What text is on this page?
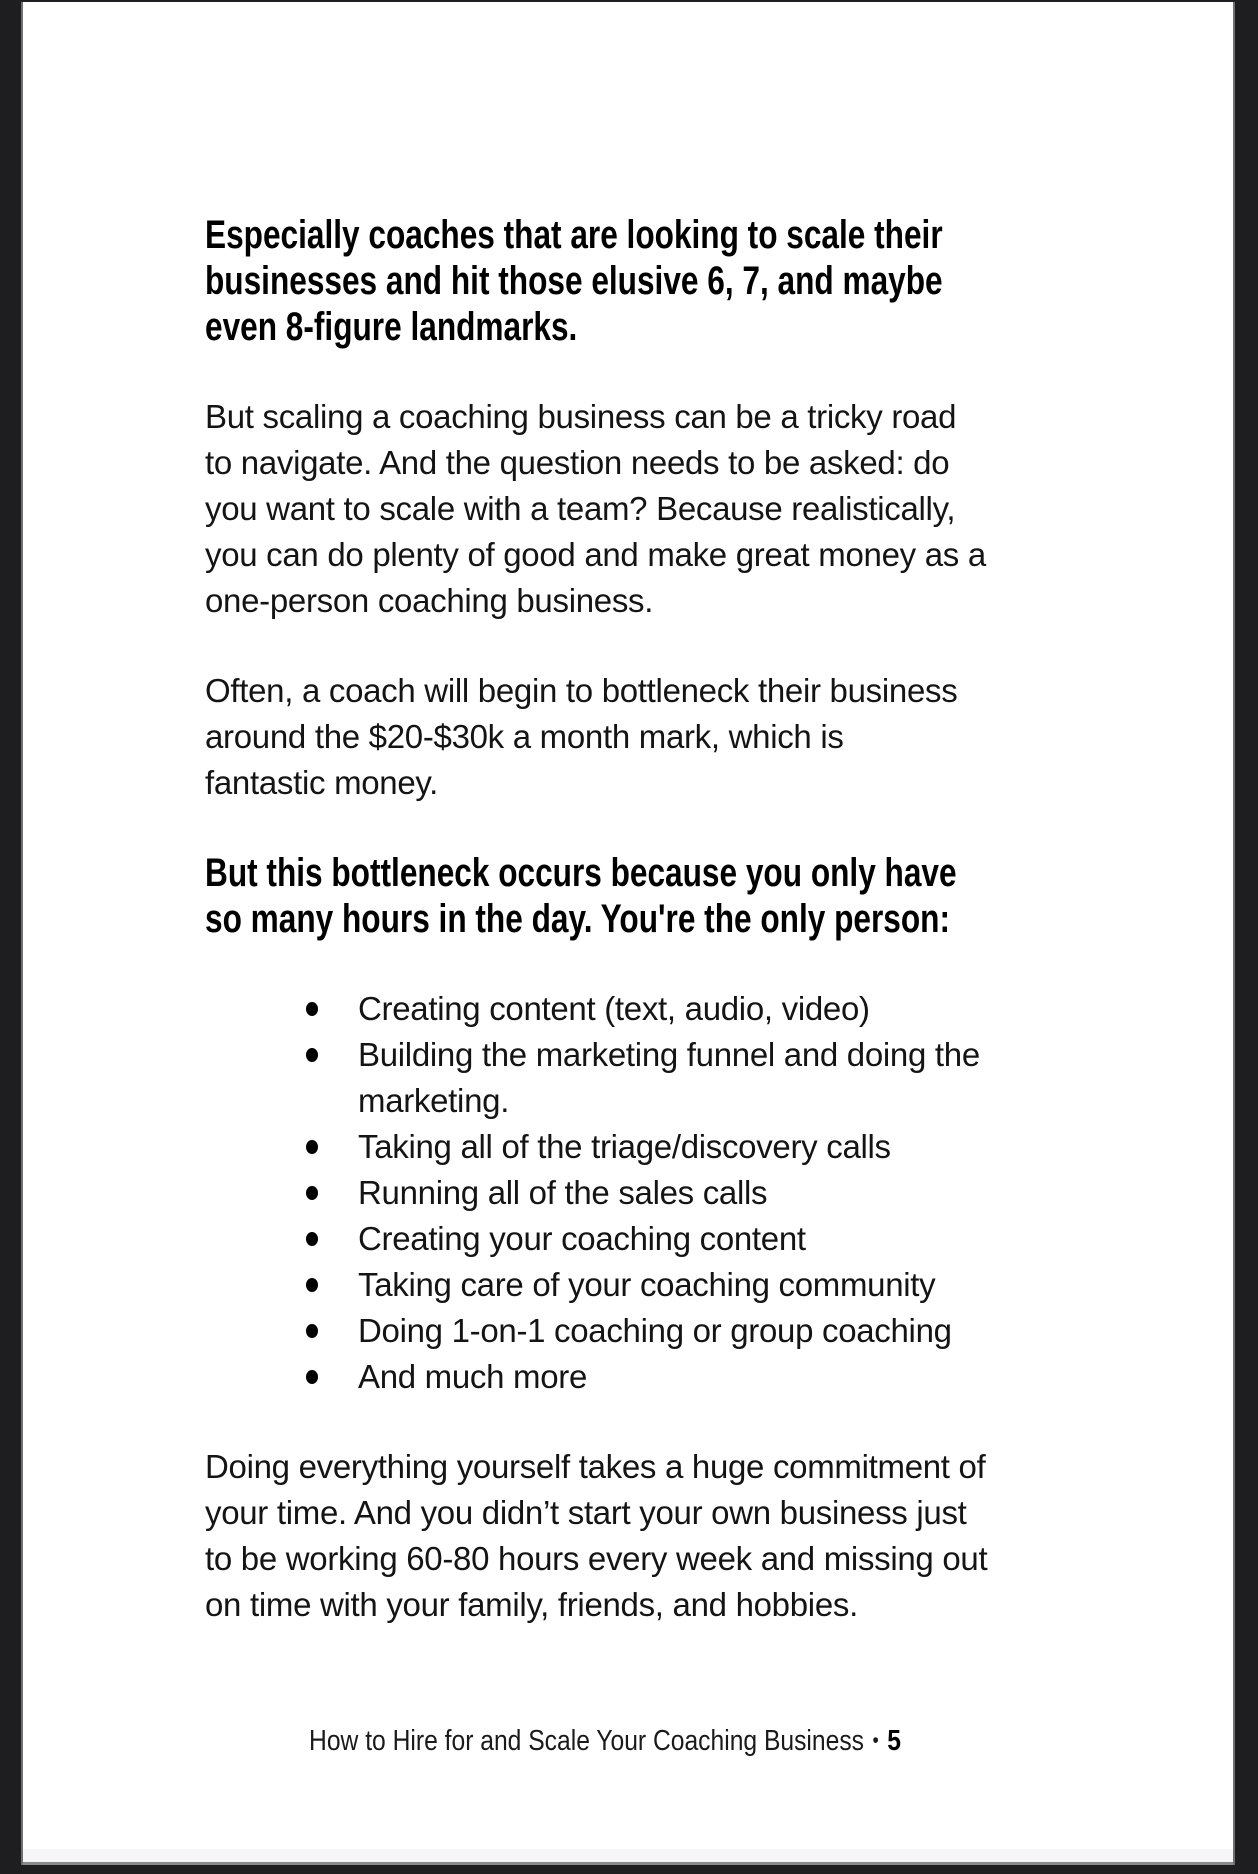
Especially coaches that are looking to scale their
businesses and hit those elusive 6, 7, and maybe
even 8-figure landmarks.
But scaling a coaching business can be a tricky road
to navigate. And the question needs to be asked: do
you want to scale with a team? Because realistically,
you can do plenty of good and make great money as a
one-person coaching business.
Often, a coach will begin to bottleneck their business
around the $20-$30k a month mark, which is
fantastic money.
But this bottleneck occurs because you only have
so many hours in the day. You're the only person:
Creating content (text, audio, video)
Building the marketing funnel and doing the
marketing.
Taking all of the triage/discovery calls
Running all of the sales calls
Creating your coaching content
Taking care of your coaching community
Doing 1-on-1 coaching or group coaching
And much more
Doing everything yourself takes a huge commitment of
your time. And you didn’t start your own business just
to be working 60-80 hours every week and missing out
on time with your family, friends, and hobbies.
How to Hire for and Scale Your Coaching Business • 5
